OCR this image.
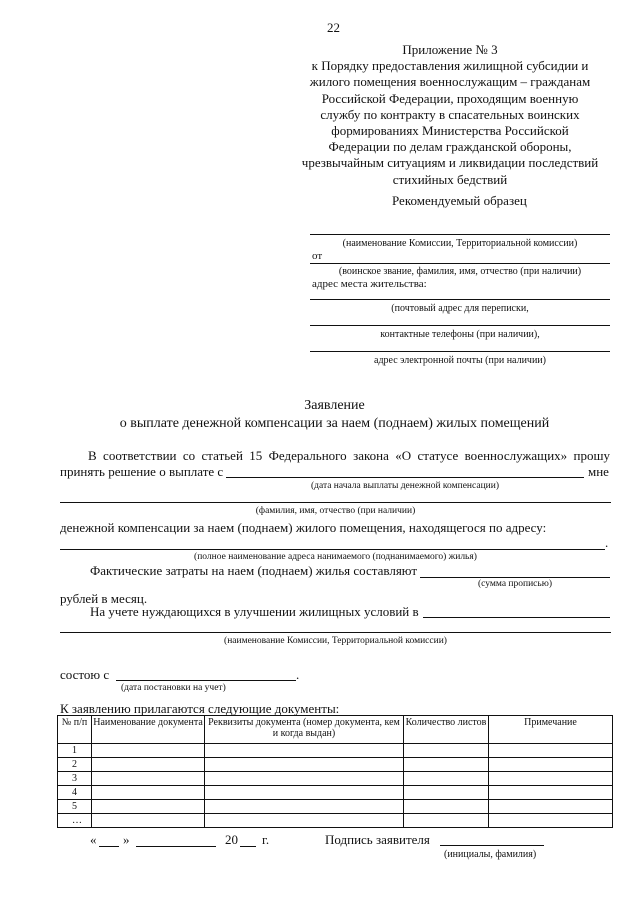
22
Приложение № 3
к Порядку предоставления жилищной субсидии и
жилого помещения военнослужащим – гражданам
Российской Федерации, проходящим военную
службу по контракту в спасательных воинских
формированиях Министерства Российской
Федерации по делам гражданской обороны,
чрезвычайным ситуациям и ликвидации последствий
стихийных бедствий
Рекомендуемый образец
(наименование Комиссии, Территориальной комиссии)
от
(воинское звание, фамилия, имя, отчество (при наличии)
адрес места жительства:
(почтовый адрес для переписки,
контактные телефоны (при наличии),
адрес электронной почты (при наличии)
Заявление
о выплате денежной компенсации за наем (поднаем) жилых помещений
В соответствии со статьей 15 Федерального закона «О статусе военнослужащих» прошу
принять решение о выплате с	мне
(дата начала выплаты денежной компенсации)
(фамилия, имя, отчество (при наличии)
денежной компенсации за наем (поднаем) жилого помещения, находящегося по адресу:
.
(полное наименование адреса нанимаемого (поднанимаемого) жилья)
Фактические затраты на наем (поднаем) жилья составляют
(сумма прописью)
рублей в месяц.
На учете нуждающихся в улучшении жилищных условий в
(наименование Комиссии, Территориальной комиссии)
состою с	.
(дата постановки на учет)
К заявлению прилагаются следующие документы:
№ п/п	Наименование документа	Реквизиты документа (номер документа, кем и когда выдан)	Количество листов	Примечание
1				
2				
3				
4				
5				
…				
« »	20 г.	Подпись заявителя
(инициалы, фамилия)
